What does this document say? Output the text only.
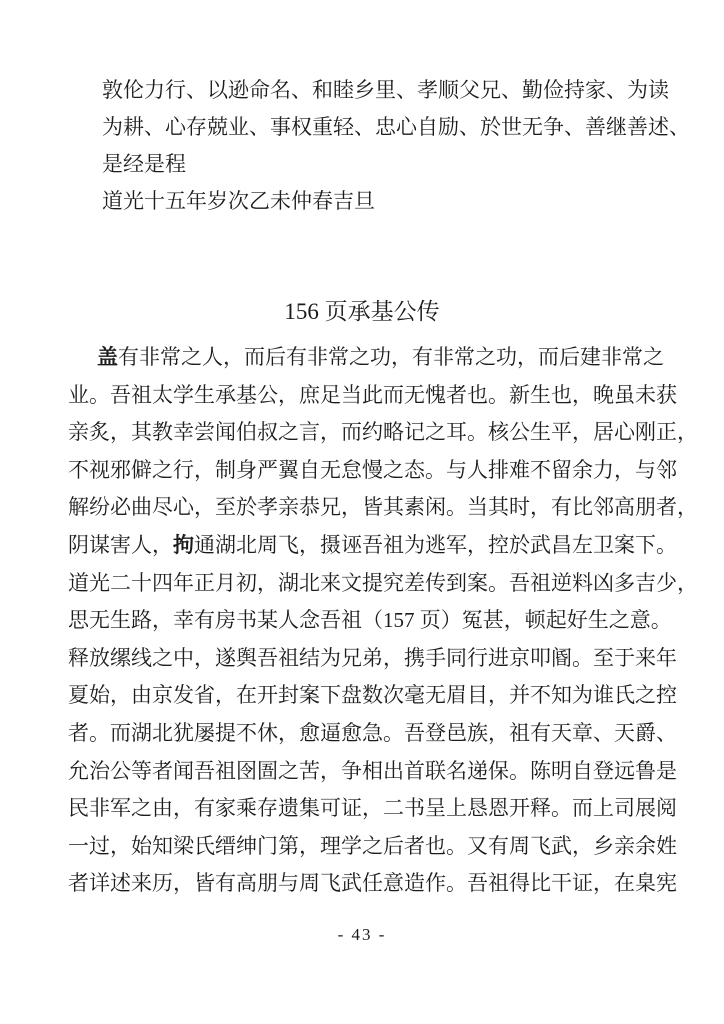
敦伦力行、以逊命名、和睦乡里、孝顺父兄、勤俭持家、为读
为耕、心存兢业、事权重轻、忠心自励、於世无争、善继善述、
是经是程
道光十五年岁次乙未仲春吉旦
156 页承基公传
盖有非常之人，而后有非常之功，有非常之功，而后建非常之
业。吾祖太学生承基公，庶足当此而无愧者也。新生也，晚虽未获
亲炙，其教幸尝闻伯叔之言，而约略记之耳。核公生平，居心刚正，
不视邪僻之行，制身严翼自无怠慢之态。与人排难不留余力，与邻
解纷必曲尽心，至於孝亲恭兄，皆其素闲。当其时，有比邻高朋者，
阴谋害人，拘通湖北周飞，摄诬吾祖为逃军，控於武昌左卫案下。
道光二十四年正月初，湖北来文提究差传到案。吾祖逆料凶多吉少，
思无生路，幸有房书某人念吾祖（157 页）冤甚，顿起好生之意。
释放缧线之中，遂舆吾祖结为兄弟，携手同行进京叩阍。至于来年
夏始，由京发省，在开封案下盘数次毫无眉目，并不知为谁氏之控
者。而湖北犹屡提不休，愈逼愈急。吾登邑族，祖有天章、天爵、
允治公等者闻吾祖囹圄之苦，争相出首联名递保。陈明自登远鲁是
民非军之由，有家乘存遗集可证，二书呈上恳恩开释。而上司展阅
一过，始知梁氏缙绅门第，理学之后者也。又有周飞武，乡亲余姓
者详述来历，皆有高朋与周飞武任意造作。吾祖得比干证，在臬宪
- 43 -
